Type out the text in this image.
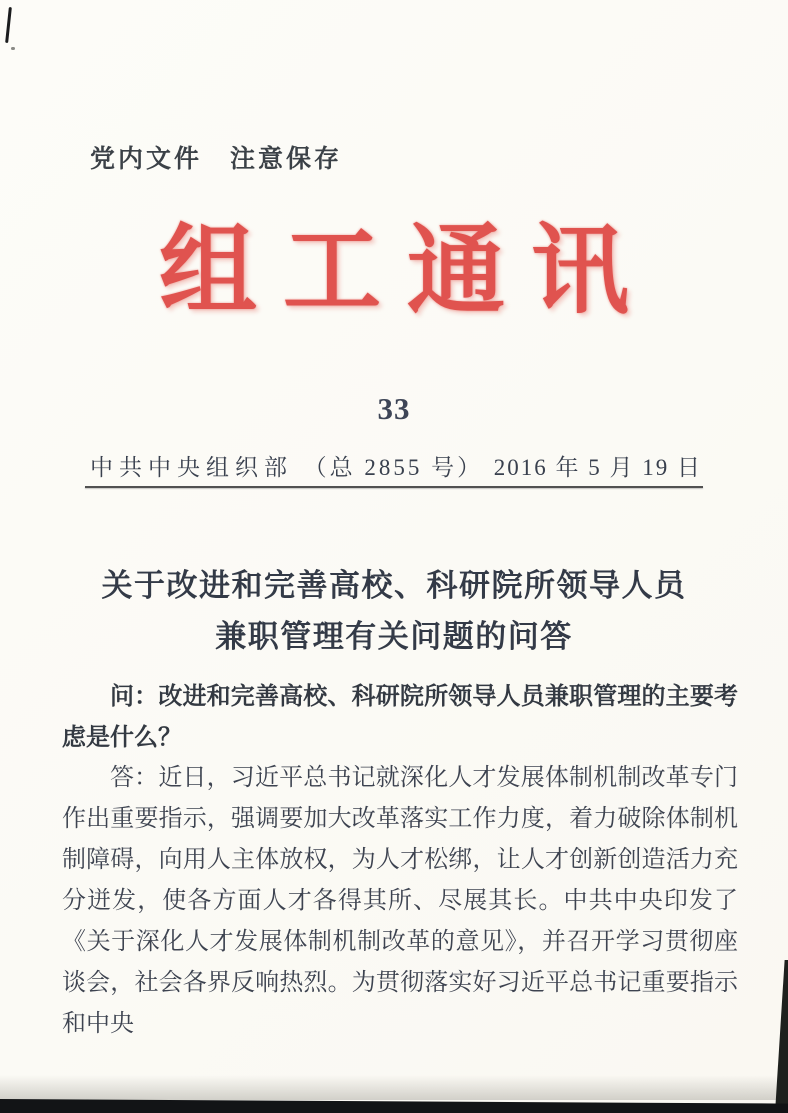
党内文件　注意保存
组工通讯
33
中共中央组织部 （总 2855 号） 2016 年 5 月 19 日
关于改进和完善高校、科研院所领导人员
兼职管理有关问题的问答

问：改进和完善高校、科研院所领导人员兼职管理的主要考虑是什么？

答：近日，习近平总书记就深化人才发展体制机制改革专门作出重要指示，强调要加大改革落实工作力度，着力破除体制机制障碍，向用人主体放权，为人才松绑，让人才创新创造活力充分迸发，使各方面人才各得其所、尽展其长。中共中央印发了《关于深化人才发展体制机制改革的意见》，并召开学习贯彻座谈会，社会各界反响热烈。为贯彻落实好习近平总书记重要指示和中央
